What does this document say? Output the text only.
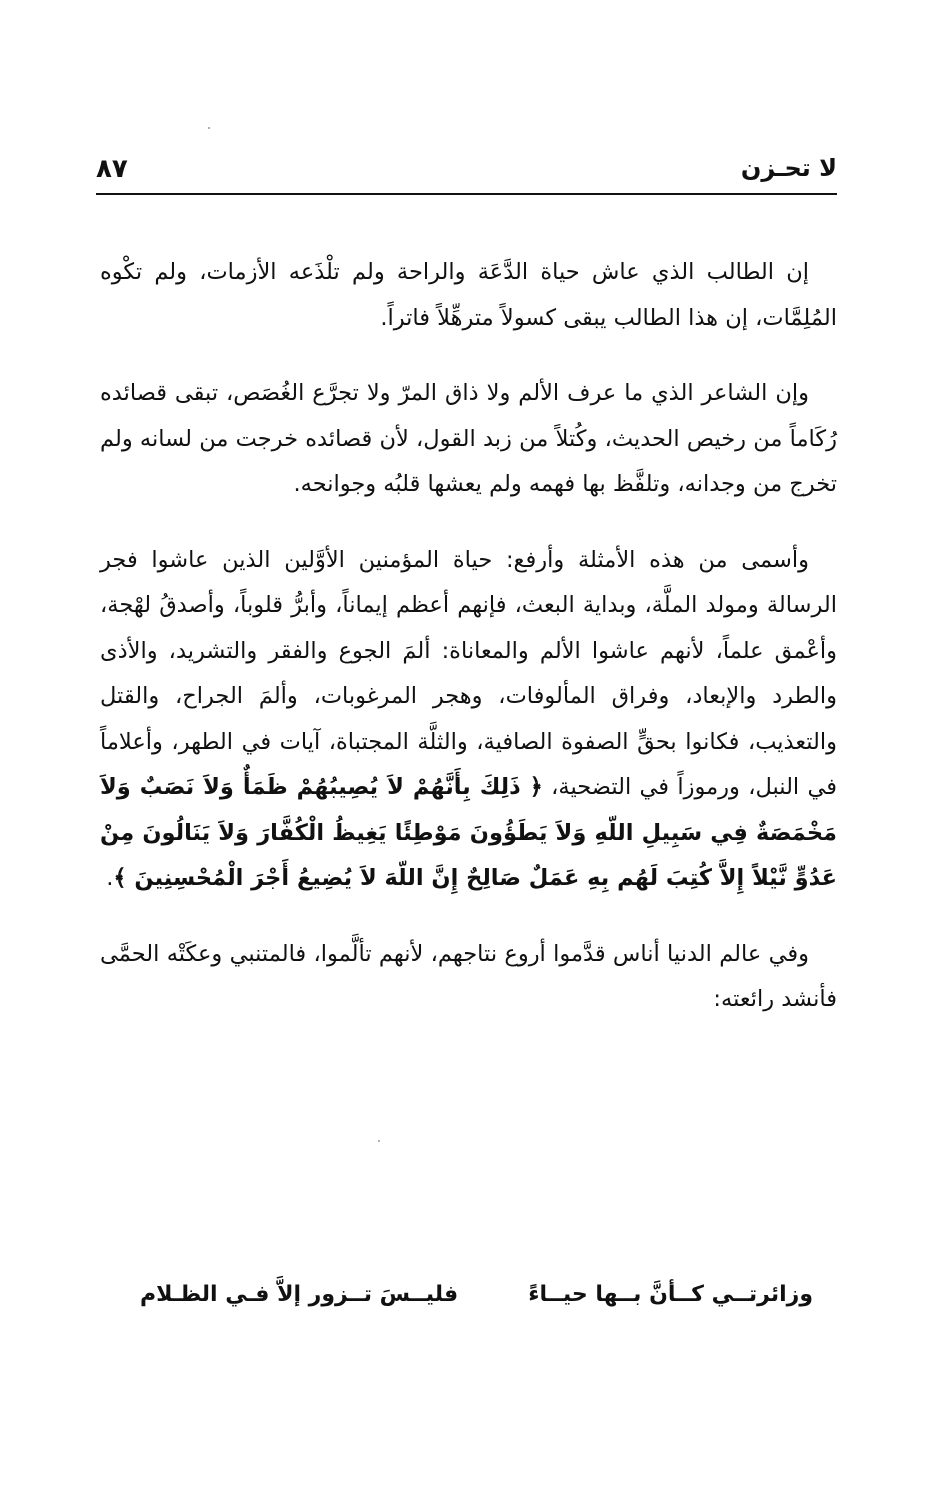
لا تحـزن
٨٧

إن الطالب الذي عاش حياة الدَّعَة والراحة ولم تلْذَعه الأزمات، ولم تكْوه المُلِمَّات، إن هذا الطالب يبقى كسولاً مترهِّلاً فاتراً.

وإن الشاعر الذي ما عرف الألم ولا ذاق المرّ ولا تجرَّع الغُصَص، تبقى قصائده رُكَاماً من رخيص الحديث، وكُتلاً من زبد القول، لأن قصائده خرجت من لسانه ولم تخرج من وجدانه، وتلفَّظ بها فهمه ولم يعشها قلبُه وجوانحه.

وأسمى من هذه الأمثلة وأرفع: حياة المؤمنين الأوَّلين الذين عاشوا فجر الرسالة ومولد الملَّة، وبداية البعث، فإنهم أعظم إيماناً، وأبرُّ قلوباً، وأصدقُ لهْجة، وأعْمق علماً، لأنهم عاشوا الألم والمعاناة: ألمَ الجوع والفقر والتشريد، والأذى والطرد والإبعاد، وفراق المألوفات، وهجر المرغوبات، وألمَ الجراح، والقتل والتعذيب، فكانوا بحقٍّ الصفوة الصافية، والثلَّة المجتباة، آيات في الطهر، وأعلاماً في النبل، ورموزاً في التضحية، ﴿ ذَلِكَ بِأَنَّهُمْ لاَ يُصِيبُهُمْ ظَمَأٌ وَلاَ نَصَبٌ وَلاَ مَخْمَصَةٌ فِي سَبِيلِ اللّهِ وَلاَ يَطَؤُونَ مَوْطِئًا يَغِيظُ الْكُفَّارَ وَلاَ يَنَالُونَ مِنْ عَدُوٍّ نَّيْلاً إِلاَّ كُتِبَ لَهُم بِهِ عَمَلٌ صَالِحٌ إِنَّ اللّهَ لاَ يُضِيعُ أَجْرَ الْمُحْسِنِينَ ﴾.

وفي عالم الدنيا أناس قدَّموا أروع نتاجهم، لأنهم تألَّموا، فالمتنبي وعكَتْه الحمَّى فأنشد رائعته:

وزائرتــي كــأنَّ بــها حيــاءً
فليــسَ تــزور إلاَّ فـي الظـلام
